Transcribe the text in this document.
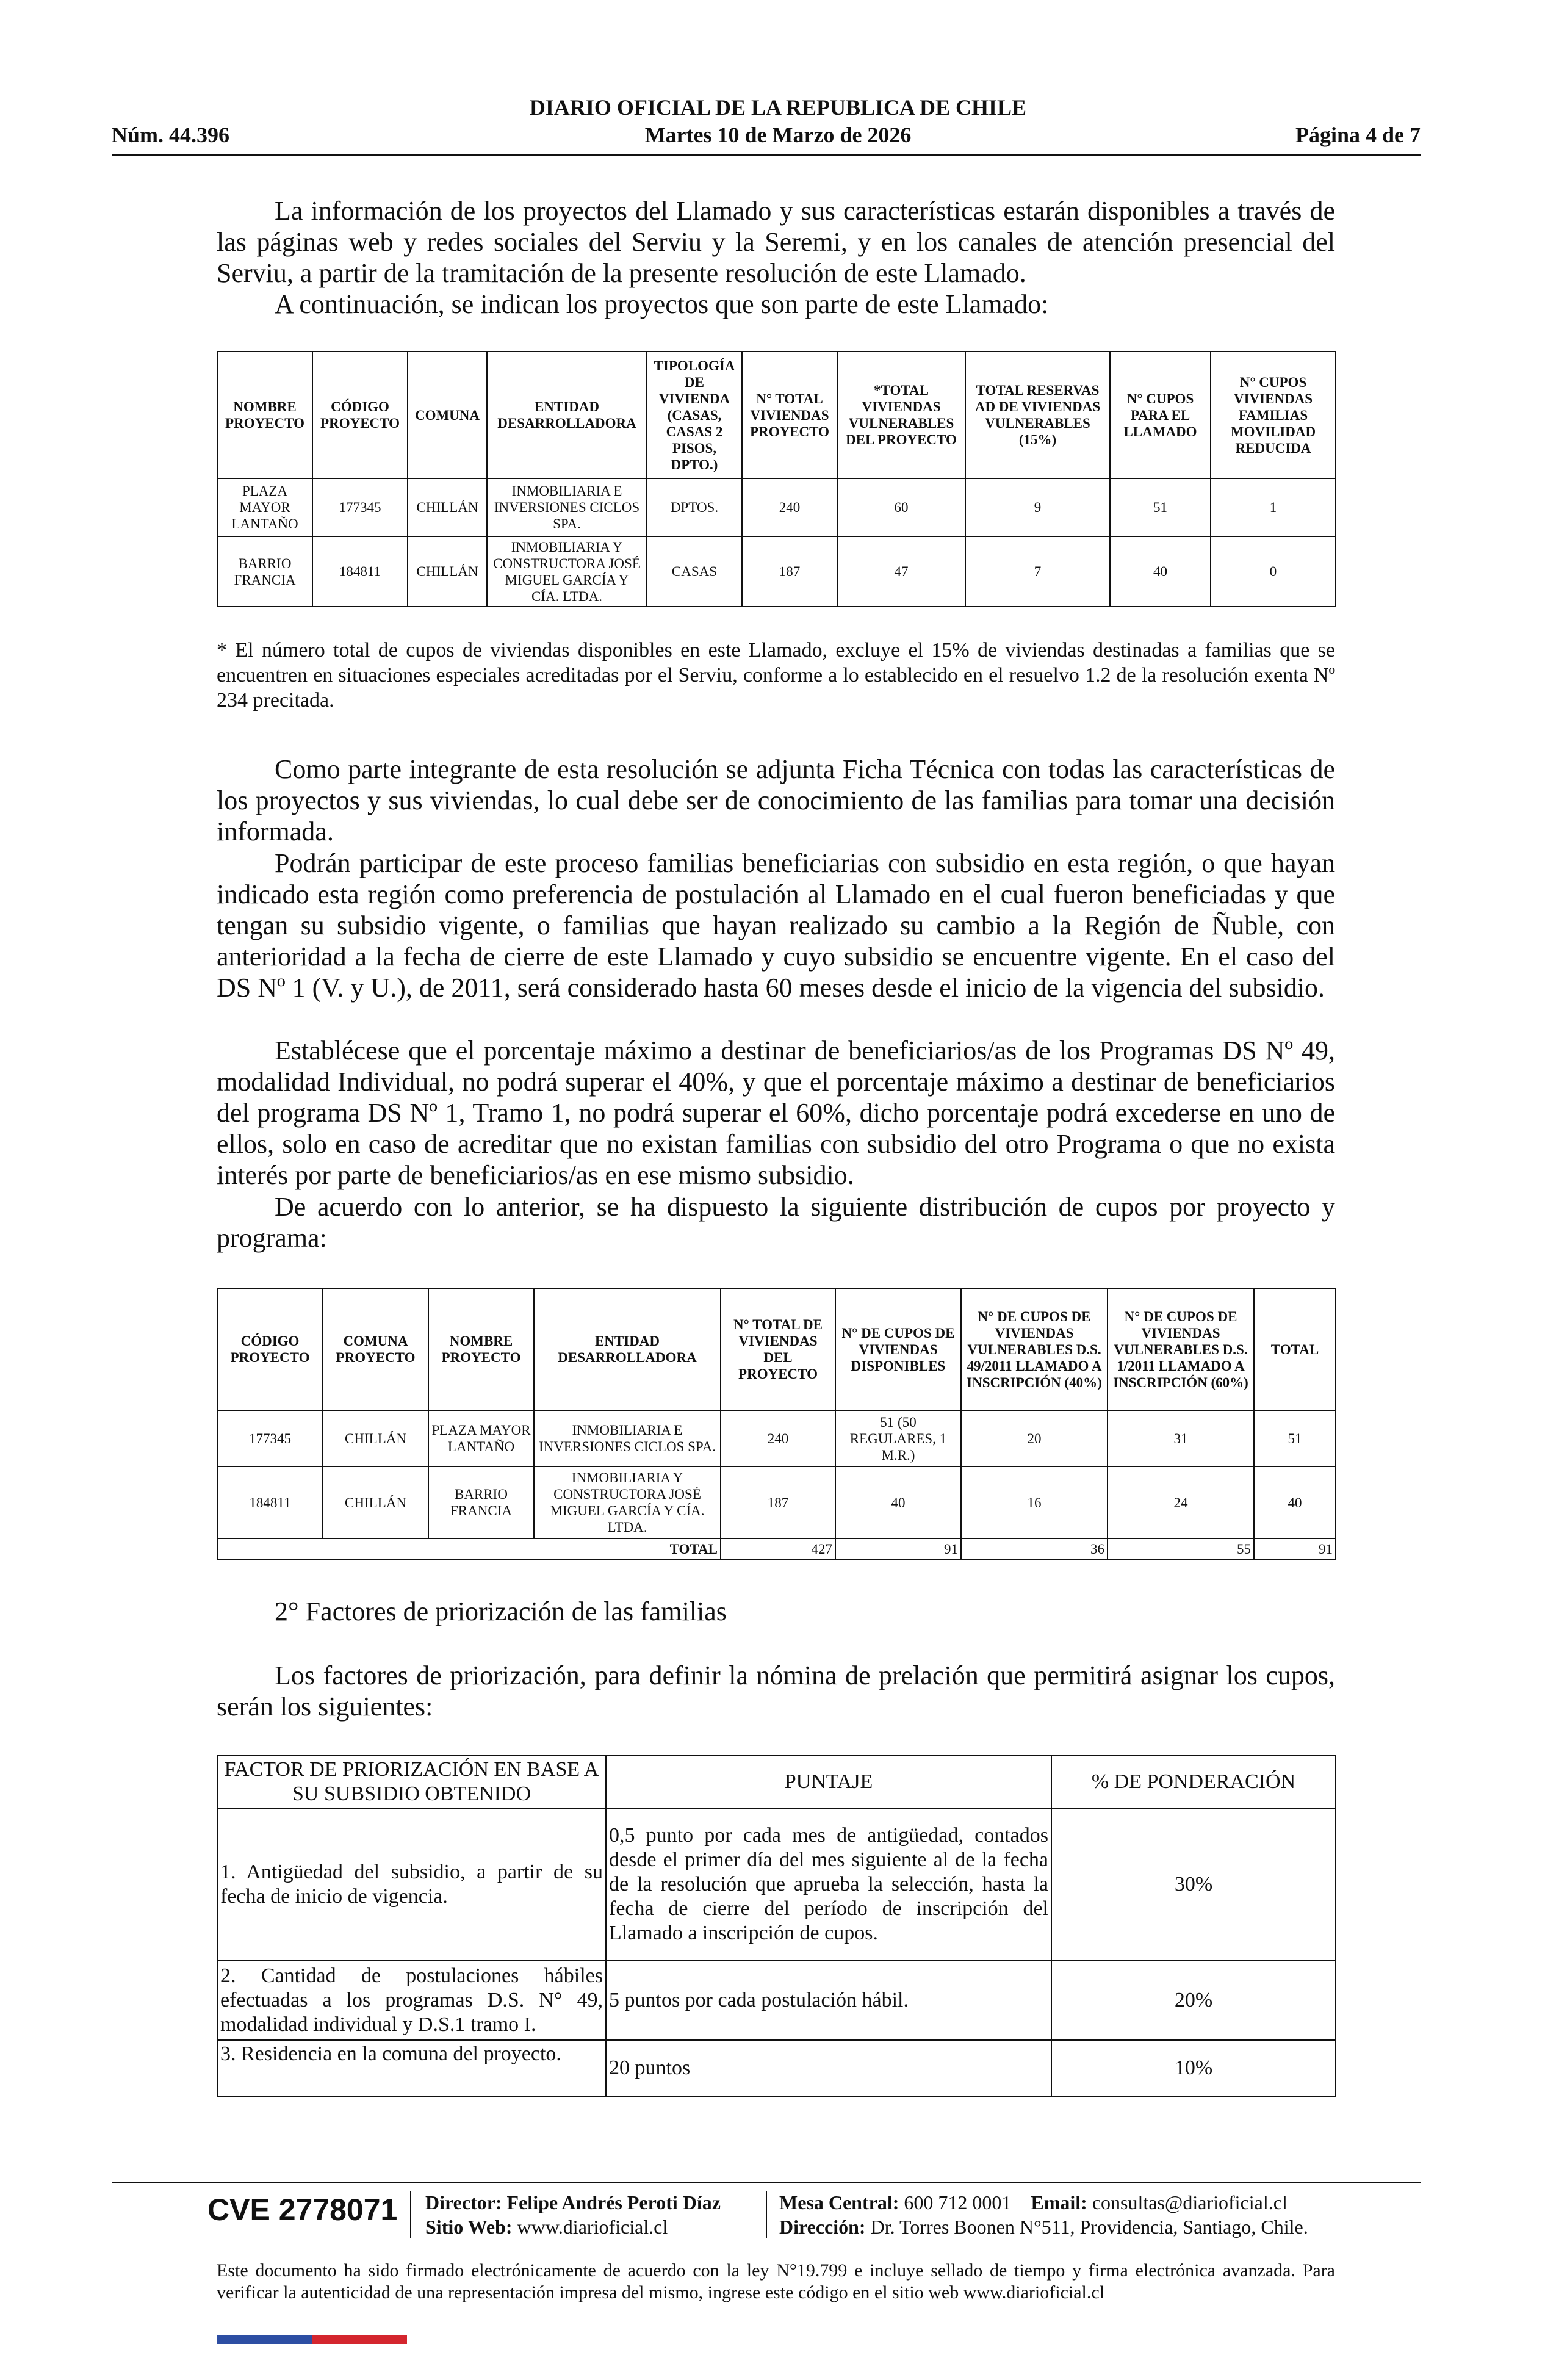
DIARIO OFICIAL DE LA REPUBLICA DE CHILE
Núm. 44.396	Martes 10 de Marzo de 2026	Página 4 de 7
La información de los proyectos del Llamado y sus características estarán disponibles a través de las páginas web y redes sociales del Serviu y la Seremi, y en los canales de atención presencial del Serviu, a partir de la tramitación de la presente resolución de este Llamado.
A continuación, se indican los proyectos que son parte de este Llamado:
NOMBRE PROYECTO	CÓDIGO PROYECTO	COMUNA	ENTIDAD DESARROLLADORA	TIPOLOGÍA DE VIVIENDA (CASAS, CASAS 2 PISOS, DPTO.)	N° TOTAL VIVIENDAS PROYECTO	*TOTAL VIVIENDAS VULNERABLES DEL PROYECTO	TOTAL RESERVAS AD DE VIVIENDAS VULNERABLES (15%)	N° CUPOS PARA EL LLAMADO	N° CUPOS VIVIENDAS FAMILIAS MOVILIDAD REDUCIDA
PLAZA MAYOR LANTAÑO	177345	CHILLÁN	INMOBILIARIA E INVERSIONES CICLOS SPA.	DPTOS.	240	60	9	51	1
BARRIO FRANCIA	184811	CHILLÁN	INMOBILIARIA Y CONSTRUCTORA JOSÉ MIGUEL GARCÍA Y CÍA. LTDA.	CASAS	187	47	7	40	0
* El número total de cupos de viviendas disponibles en este Llamado, excluye el 15% de viviendas destinadas a familias que se encuentren en situaciones especiales acreditadas por el Serviu, conforme a lo establecido en el resuelvo 1.2 de la resolución exenta Nº 234 precitada.
Como parte integrante de esta resolución se adjunta Ficha Técnica con todas las características de los proyectos y sus viviendas, lo cual debe ser de conocimiento de las familias para tomar una decisión informada.
Podrán participar de este proceso familias beneficiarias con subsidio en esta región, o que hayan indicado esta región como preferencia de postulación al Llamado en el cual fueron beneficiadas y que tengan su subsidio vigente, o familias que hayan realizado su cambio a la Región de Ñuble, con anterioridad a la fecha de cierre de este Llamado y cuyo subsidio se encuentre vigente. En el caso del DS Nº 1 (V. y U.), de 2011, será considerado hasta 60 meses desde el inicio de la vigencia del subsidio.
Establécese que el porcentaje máximo a destinar de beneficiarios/as de los Programas DS Nº 49, modalidad Individual, no podrá superar el 40%, y que el porcentaje máximo a destinar de beneficiarios del programa DS Nº 1, Tramo 1, no podrá superar el 60%, dicho porcentaje podrá excederse en uno de ellos, solo en caso de acreditar que no existan familias con subsidio del otro Programa o que no exista interés por parte de beneficiarios/as en ese mismo subsidio.
De acuerdo con lo anterior, se ha dispuesto la siguiente distribución de cupos por proyecto y programa:
CÓDIGO PROYECTO	COMUNA PROYECTO	NOMBRE PROYECTO	ENTIDAD DESARROLLADORA	N° TOTAL DE VIVIENDAS DEL PROYECTO	N° DE CUPOS DE VIVIENDAS DISPONIBLES	N° DE CUPOS DE VIVIENDAS VULNERABLES D.S. 49/2011 LLAMADO A INSCRIPCIÓN (40%)	N° DE CUPOS DE VIVIENDAS VULNERABLES D.S. 1/2011 LLAMADO A INSCRIPCIÓN (60%)	TOTAL
177345	CHILLÁN	PLAZA MAYOR LANTAÑO	INMOBILIARIA E INVERSIONES CICLOS SPA.	240	51 (50 REGULARES, 1 M.R.)	20	31	51
184811	CHILLÁN	BARRIO FRANCIA	INMOBILIARIA Y CONSTRUCTORA JOSÉ MIGUEL GARCÍA Y CÍA. LTDA.	187	40	16	24	40
TOTAL				427	91	36	55	91
2° Factores de priorización de las familias
Los factores de priorización, para definir la nómina de prelación que permitirá asignar los cupos, serán los siguientes:
FACTOR DE PRIORIZACIÓN EN BASE A SU SUBSIDIO OBTENIDO	PUNTAJE	% DE PONDERACIÓN
1. Antigüedad del subsidio, a partir de su fecha de inicio de vigencia.	0,5 punto por cada mes de antigüedad, contados desde el primer día del mes siguiente al de la fecha de la resolución que aprueba la selección, hasta la fecha de cierre del período de inscripción del Llamado a inscripción de cupos.	30%
2. Cantidad de postulaciones hábiles efectuadas a los programas D.S. N° 49, modalidad individual y D.S.1 tramo I.	5 puntos por cada postulación hábil.	20%
3. Residencia en la comuna del proyecto.	20 puntos	10%
CVE 2778071 Director: Felipe Andrés Peroti Díaz
Sitio Web: www.diarioficial.cl
Mesa Central: 600 712 0001 Email: consultas@diarioficial.cl
Dirección: Dr. Torres Boonen N°511, Providencia, Santiago, Chile.
Este documento ha sido firmado electrónicamente de acuerdo con la ley N°19.799 e incluye sellado de tiempo y firma electrónica avanzada. Para verificar la autenticidad de una representación impresa del mismo, ingrese este código en el sitio web www.diarioficial.cl
